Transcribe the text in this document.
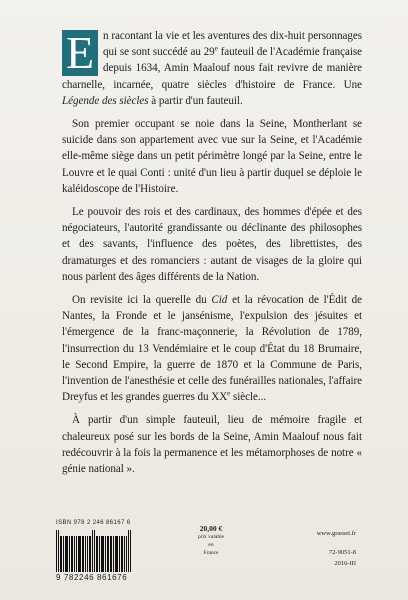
E n racontant la vie et les aventures des dix-huit personnages qui se sont succédé au 29e fauteuil de l'Académie française depuis 1634, Amin Maalouf nous fait revivre de manière charnelle, incarnée, quatre siècles d'histoire de France. Une Légende des siècles à partir d'un fauteuil.

Son premier occupant se noie dans la Seine, Montherlant se suicide dans son appartement avec vue sur la Seine, et l'Académie elle-même siège dans un petit périmètre longé par la Seine, entre le Louvre et le quai Conti : unité d'un lieu à partir duquel se déploie le kaléidoscope de l'Histoire.

Le pouvoir des rois et des cardinaux, des hommes d'épée et des négociateurs, l'autorité grandissante ou déclinante des philosophes et des savants, l'influence des poètes, des librettistes, des dramaturges et des romanciers : autant de visages de la gloire qui nous parlent des âges différents de la Nation.

On revisite ici la querelle du Cid et la révocation de l'Édit de Nantes, la Fronde et le jansénisme, l'expulsion des jésuites et l'émergence de la franc-maçonnerie, la Révolution de 1789, l'insurrection du 13 Vendémiaire et le coup d'État du 18 Brumaire, le Second Empire, la guerre de 1870 et la Commune de Paris, l'invention de l'anesthésie et celle des funérailles nationales, l'affaire Dreyfus et les grandes guerres du XXe siècle...

À partir d'un simple fauteuil, lieu de mémoire fragile et chaleureux posé sur les bords de la Seine, Amin Maalouf nous fait redécouvrir à la fois la permanence et les métamorphoses de notre « génie national ».

ISBN 978 2 246 86167 6
9 782246 861676
20,00 €
prix valable en
France
www.grasset.fr
72-9051-8
2016-III
